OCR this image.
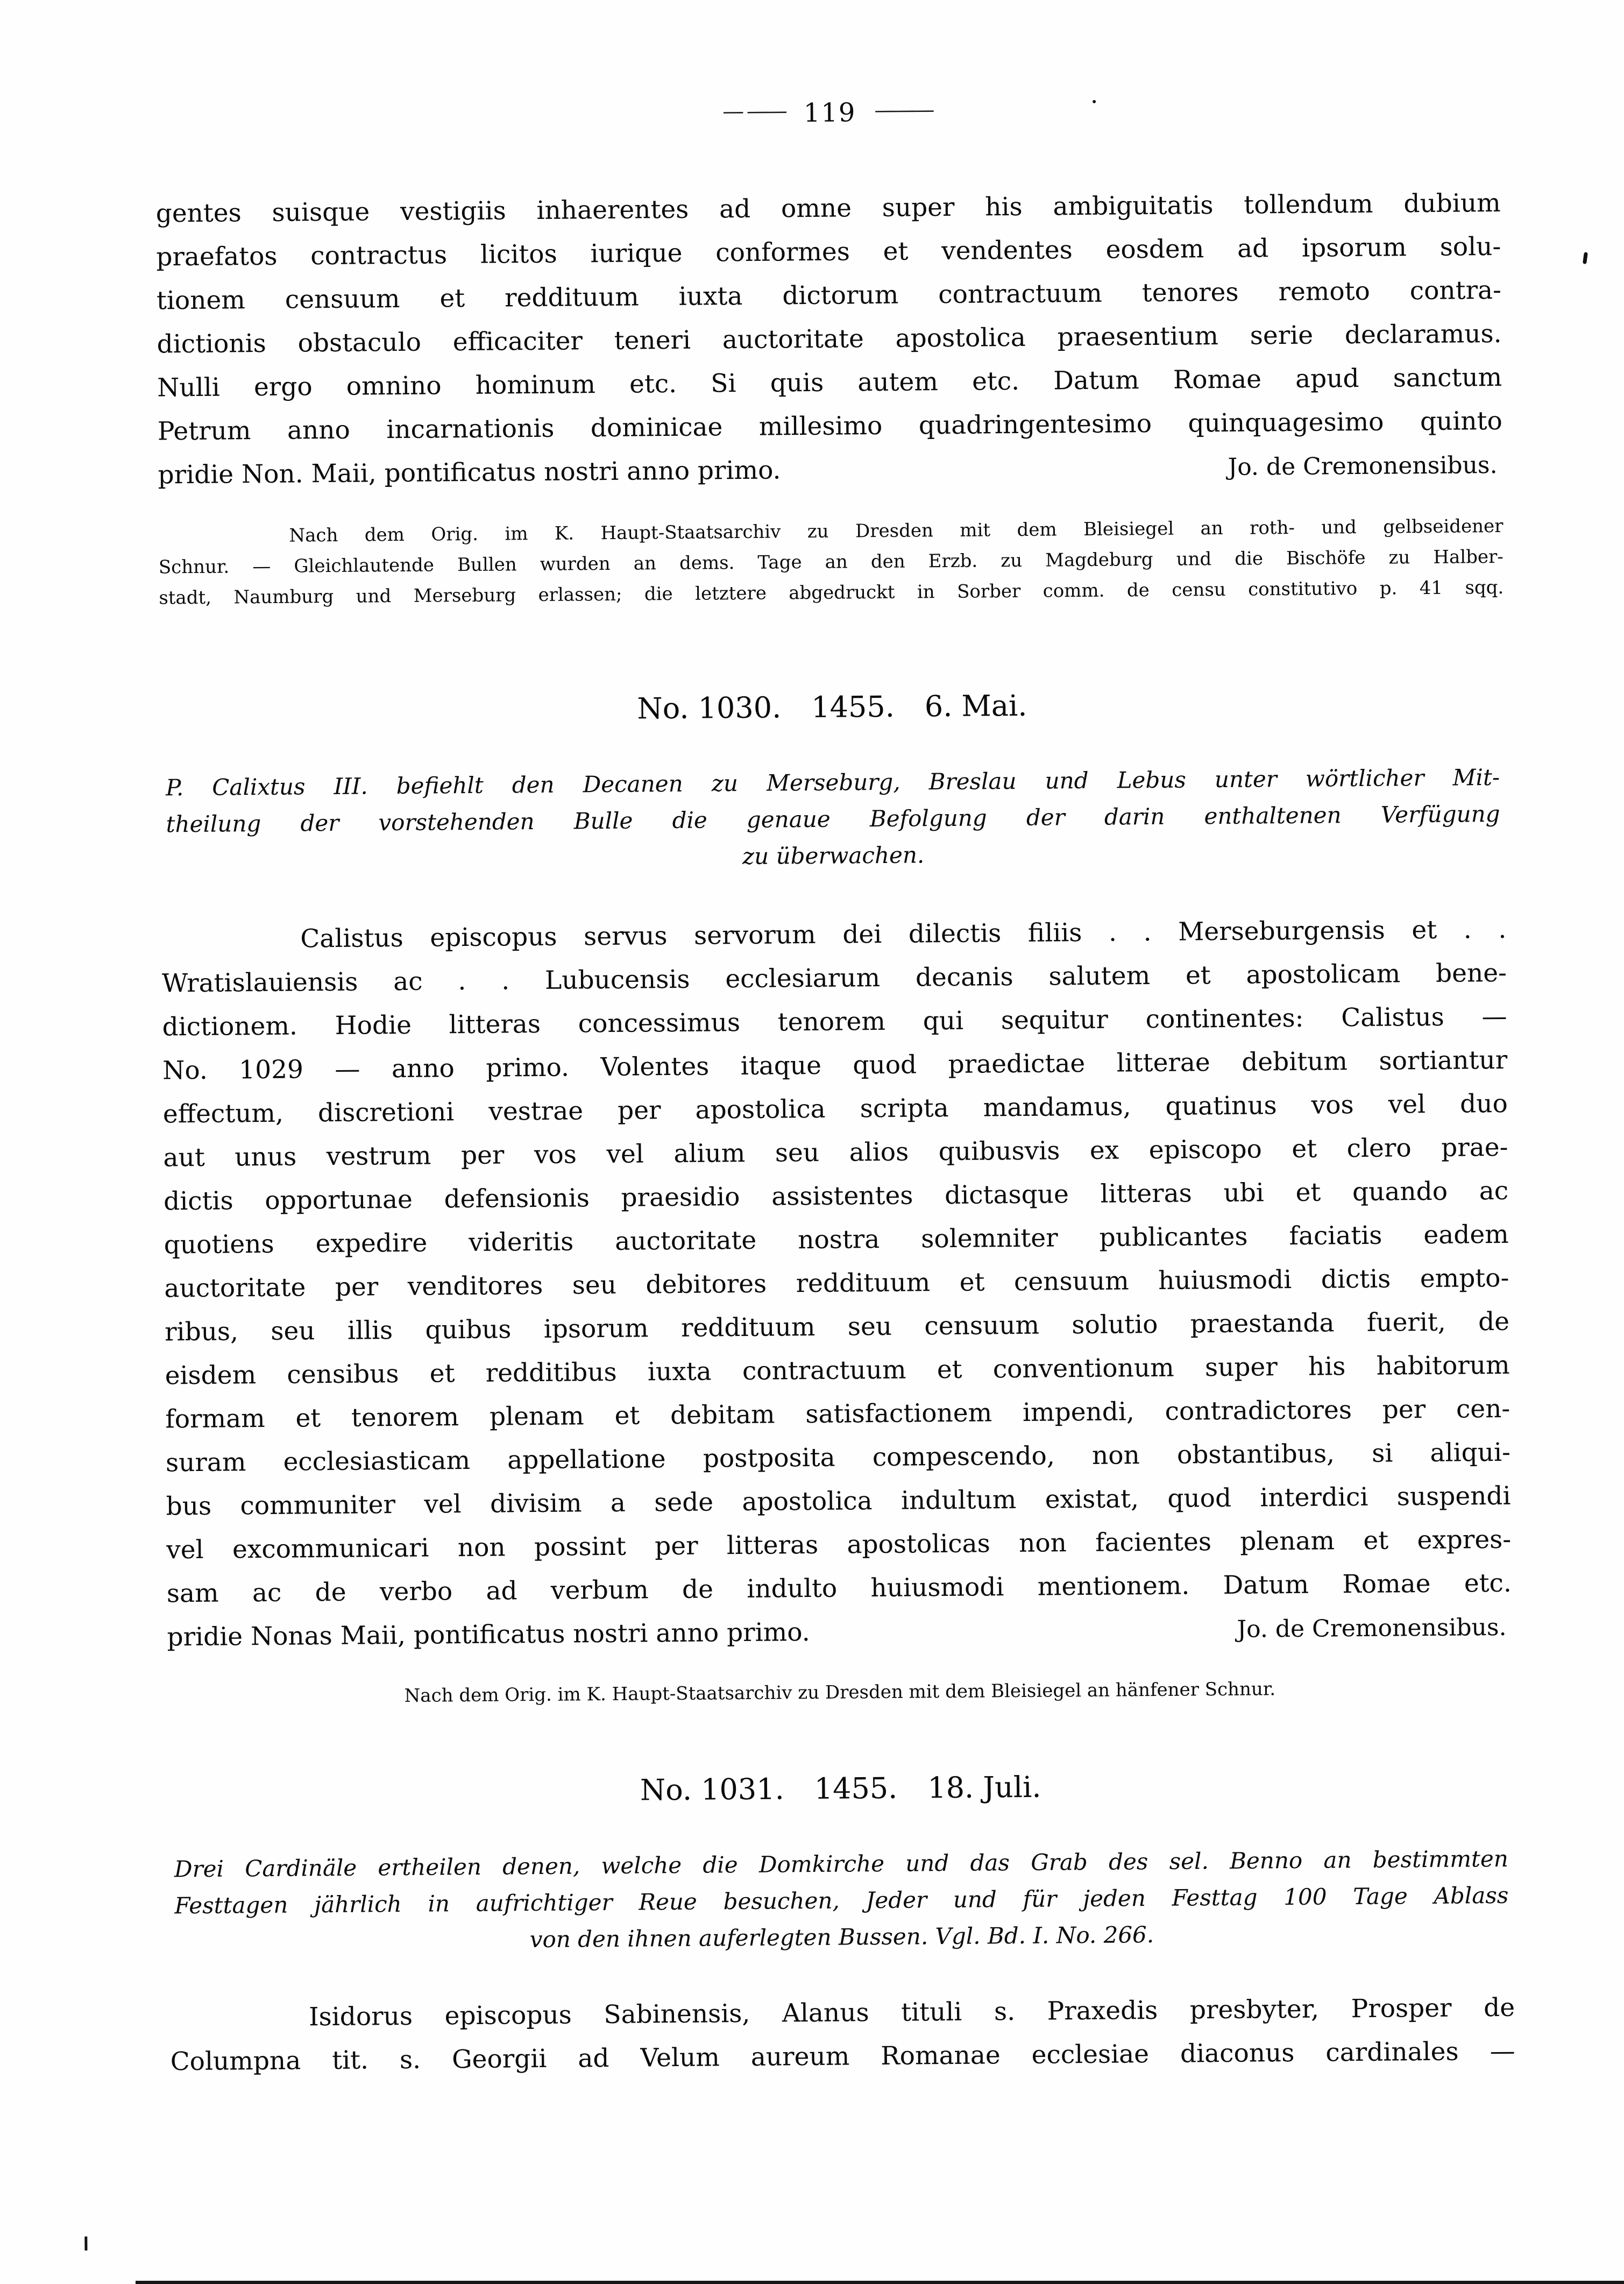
— —— 119 ———
gentes suisque vestigiis inhaerentes ad omne super his ambiguitatis tollendum dubium
praefatos contractus licitos iurique conformes et vendentes eosdem ad ipsorum solu-
tionem censuum et reddituum iuxta dictorum contractuum tenores remoto contra-
dictionis obstaculo efficaciter teneri auctoritate apostolica praesentium serie declaramus.
Nulli ergo omnino hominum etc. Si quis autem etc. Datum Romae apud sanctum
Petrum anno incarnationis dominicae millesimo quadringentesimo quinquagesimo quinto
pridie Non. Maii, pontificatus nostri anno primo.	Jo. de Cremonensibus.
Nach dem Orig. im K. Haupt-Staatsarchiv zu Dresden mit dem Bleisiegel an roth- und gelbseidener
Schnur. — Gleichlautende Bullen wurden an dems. Tage an den Erzb. zu Magdeburg und die Bischöfe zu Halber-
stadt, Naumburg und Merseburg erlassen; die letztere abgedruckt in Sorber comm. de censu constitutivo p. 41 sqq.
No. 1030. 1455. 6. Mai.
P. Calixtus III. befiehlt den Decanen zu Merseburg, Breslau und Lebus unter wörtlicher Mit-
theilung der vorstehenden Bulle die genaue Befolgung der darin enthaltenen Verfügung
zu überwachen.
Calistus episcopus servus servorum dei dilectis filiis . . Merseburgensis et . .
Wratislauiensis ac . . Lubucensis ecclesiarum decanis salutem et apostolicam bene-
dictionem. Hodie litteras concessimus tenorem qui sequitur continentes: Calistus —
No. 1029 — anno primo. Volentes itaque quod praedictae litterae debitum sortiantur
effectum, discretioni vestrae per apostolica scripta mandamus, quatinus vos vel duo
aut unus vestrum per vos vel alium seu alios quibusvis ex episcopo et clero prae-
dictis opportunae defensionis praesidio assistentes dictasque litteras ubi et quando ac
quotiens expedire videritis auctoritate nostra solemniter publicantes faciatis eadem
auctoritate per venditores seu debitores reddituum et censuum huiusmodi dictis empto-
ribus, seu illis quibus ipsorum reddituum seu censuum solutio praestanda fuerit, de
eisdem censibus et redditibus iuxta contractuum et conventionum super his habitorum
formam et tenorem plenam et debitam satisfactionem impendi, contradictores per cen-
suram ecclesiasticam appellatione postposita compescendo, non obstantibus, si aliqui-
bus communiter vel divisim a sede apostolica indultum existat, quod interdici suspendi
vel excommunicari non possint per litteras apostolicas non facientes plenam et expres-
sam ac de verbo ad verbum de indulto huiusmodi mentionem. Datum Romae etc.
pridie Nonas Maii, pontificatus nostri anno primo.	Jo. de Cremonensibus.
Nach dem Orig. im K. Haupt-Staatsarchiv zu Dresden mit dem Bleisiegel an hänfener Schnur.
No. 1031. 1455. 18. Juli.
Drei Cardinäle ertheilen denen, welche die Domkirche und das Grab des sel. Benno an bestimmten
Festtagen jährlich in aufrichtiger Reue besuchen, Jeder und für jeden Festtag 100 Tage Ablass
von den ihnen auferlegten Bussen. Vgl. Bd. I. No. 266.
Isidorus episcopus Sabinensis, Alanus tituli s. Praxedis presbyter, Prosper de
Columpna tit. s. Georgii ad Velum aureum Romanae ecclesiae diaconus cardinales —
